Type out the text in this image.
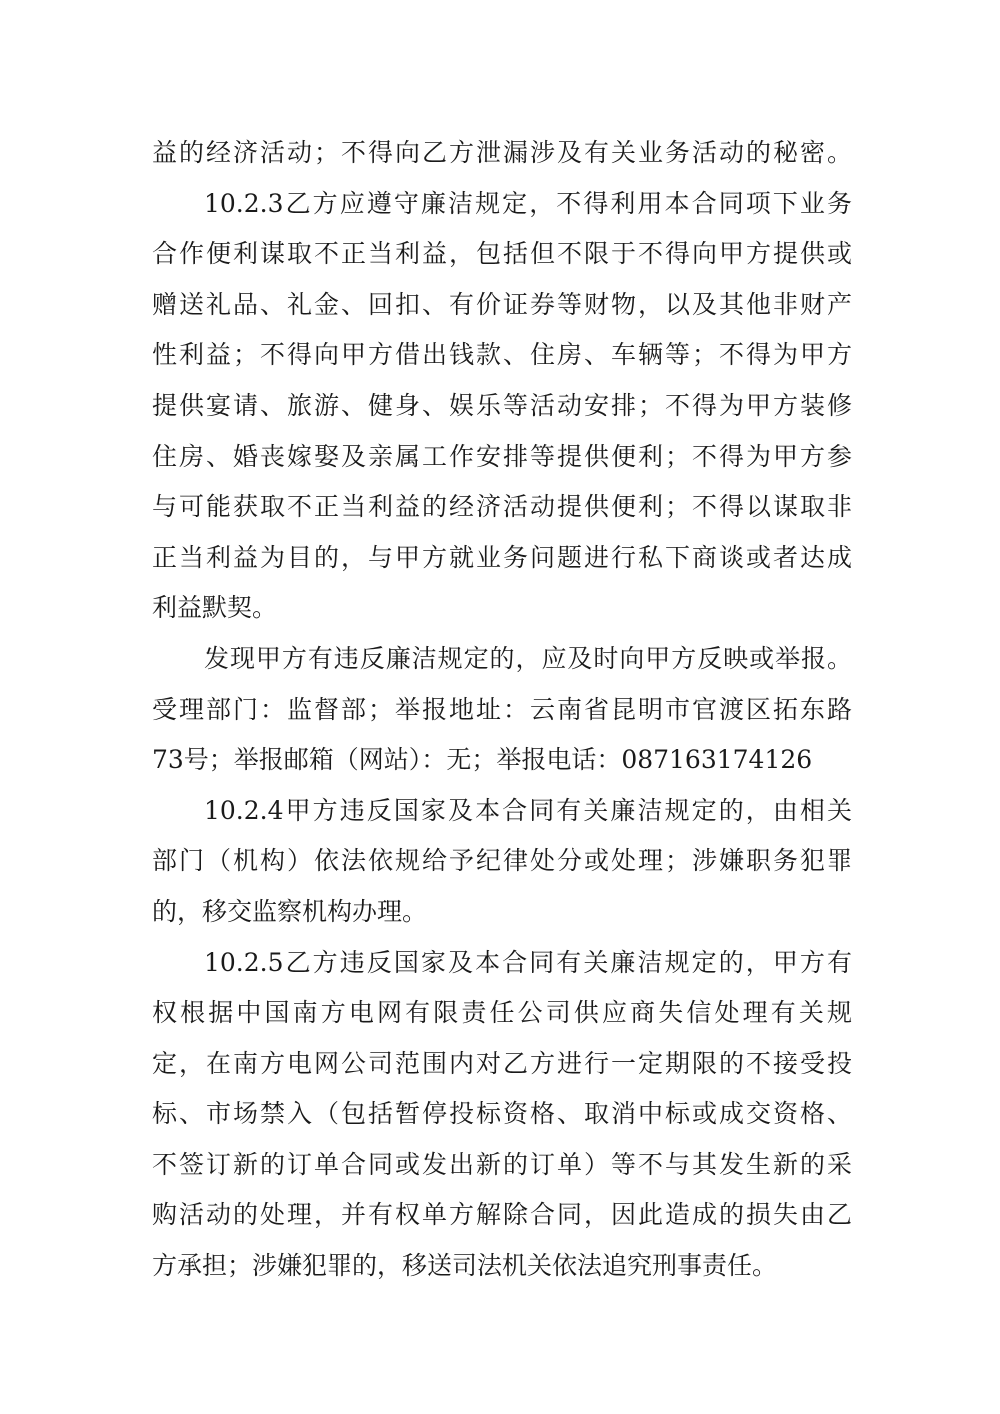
益的经济活动；不得向乙方泄漏涉及有关业务活动的秘密。
10.2.3乙方应遵守廉洁规定，不得利用本合同项下业务
合作便利谋取不正当利益，包括但不限于不得向甲方提供或
赠送礼品、礼金、回扣、有价证券等财物，以及其他非财产
性利益；不得向甲方借出钱款、住房、车辆等；不得为甲方
提供宴请、旅游、健身、娱乐等活动安排；不得为甲方装修
住房、婚丧嫁娶及亲属工作安排等提供便利；不得为甲方参
与可能获取不正当利益的经济活动提供便利；不得以谋取非
正当利益为目的，与甲方就业务问题进行私下商谈或者达成
利益默契。
发现甲方有违反廉洁规定的，应及时向甲方反映或举报。
受理部门：监督部；举报地址：云南省昆明市官渡区拓东路
73号；举报邮箱（网站）：无；举报电话：087163174126
10.2.4甲方违反国家及本合同有关廉洁规定的，由相关
部门（机构）依法依规给予纪律处分或处理；涉嫌职务犯罪
的，移交监察机构办理。
10.2.5乙方违反国家及本合同有关廉洁规定的，甲方有
权根据中国南方电网有限责任公司供应商失信处理有关规
定，在南方电网公司范围内对乙方进行一定期限的不接受投
标、市场禁入（包括暂停投标资格、取消中标或成交资格、
不签订新的订单合同或发出新的订单）等不与其发生新的采
购活动的处理，并有权单方解除合同，因此造成的损失由乙
方承担；涉嫌犯罪的，移送司法机关依法追究刑事责任。
